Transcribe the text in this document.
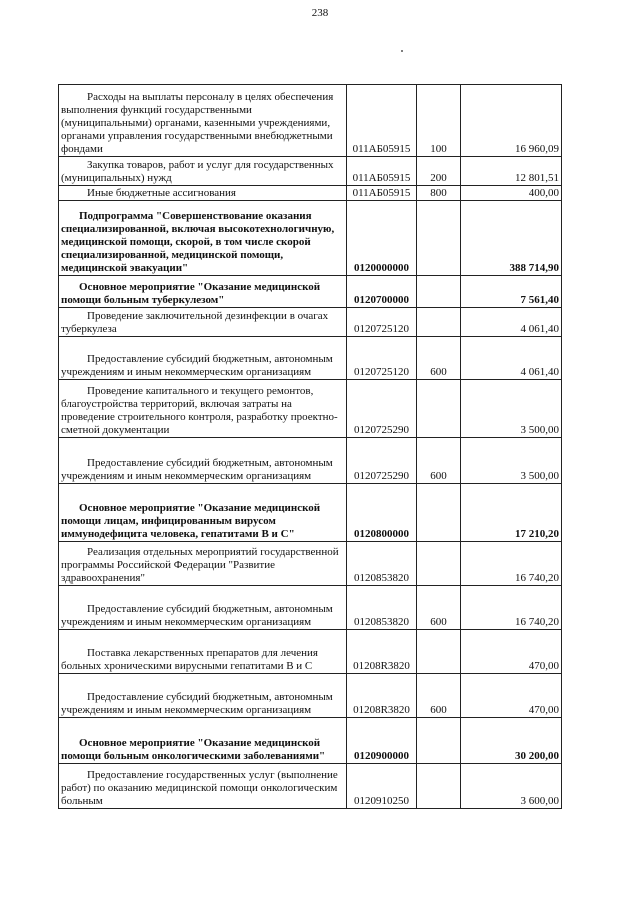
238
Расходы на выплаты персоналу в целях обеспечения выполнения функций государственными (муниципальными) органами, казенными учреждениями, органами управления государственными внебюджетными фондами	011АБ05915	100	16 960,09

Закупка товаров, работ и услуг для государственных (муниципальных) нужд	011АБ05915	200	12 801,51

Иные бюджетные ассигнования	011АБ05915	800	400,00

Подпрограмма "Совершенствование оказания специализированной, включая высокотехнологичную, медицинской помощи, скорой, в том числе скорой специализированной, медицинской помощи, медицинской эвакуации"	0120000000		388 714,90

Основное мероприятие "Оказание медицинской помощи больным туберкулезом"	0120700000		7 561,40

Проведение заключительной дезинфекции в очагах туберкулеза	0120725120		4 061,40

Предоставление субсидий бюджетным, автономным учреждениям и иным некоммерческим организациям	0120725120	600	4 061,40

Проведение капитального и текущего ремонтов, благоустройства территорий, включая затраты на проведение строительного контроля, разработку проектно-сметной документации	0120725290		3 500,00

Предоставление субсидий бюджетным, автономным учреждениям и иным некоммерческим организациям	0120725290	600	3 500,00

Основное мероприятие "Оказание медицинской помощи лицам, инфицированным вирусом иммунодефицита человека, гепатитами В и С"	0120800000		17 210,20

Реализация отдельных мероприятий государственной программы Российской Федерации "Развитие здравоохранения"	0120853820		16 740,20

Предоставление субсидий бюджетным, автономным учреждениям и иным некоммерческим организациям	0120853820	600	16 740,20

Поставка лекарственных препаратов для лечения больных хроническими вирусными гепатитами В и С	01208R3820		470,00

Предоставление субсидий бюджетным, автономным учреждениям и иным некоммерческим организациям	01208R3820	600	470,00

Основное мероприятие "Оказание медицинской помощи больным онкологическими заболеваниями"	0120900000		30 200,00

Предоставление государственных услуг (выполнение работ) по оказанию медицинской помощи онкологическим больным	0120910250		3 600,00
